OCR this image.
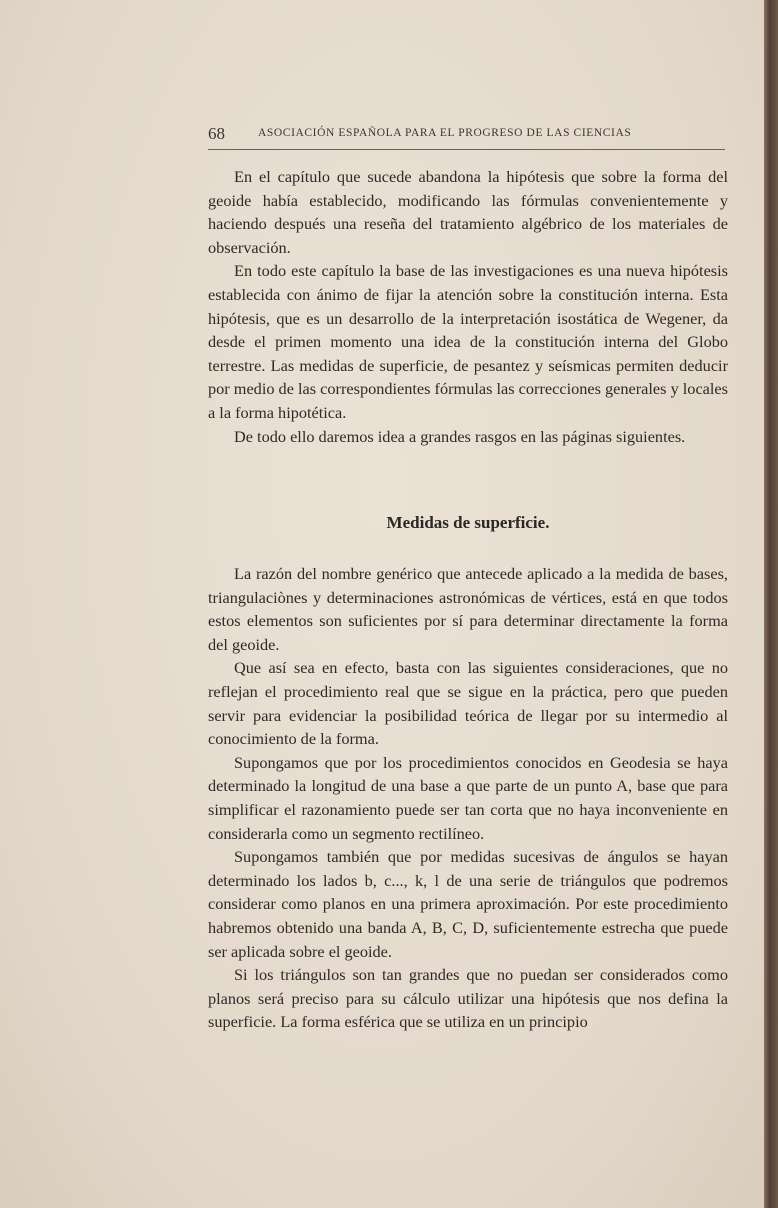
68	ASOCIACIÓN ESPAÑOLA PARA EL PROGRESO DE LAS CIENCIAS

En el capítulo que sucede abandona la hipótesis que sobre la forma del geoide había establecido, modificando las fórmulas convenientemente y haciendo después una reseña del tratamiento algébrico de los materiales de observación.

En todo este capítulo la base de las investigaciones es una nueva hipótesis establecida con ánimo de fijar la atención sobre la constitución interna. Esta hipótesis, que es un desarrollo de la interpretación isostática de Wegener, da desde el primen momento una idea de la constitución interna del Globo terrestre. Las medidas de superficie, de pesantez y seísmicas permiten deducir por medio de las correspondientes fórmulas las correcciones generales y locales a la forma hipotética.

De todo ello daremos idea a grandes rasgos en las páginas siguientes.

Medidas de superficie.

La razón del nombre genérico que antecede aplicado a la medida de bases, triangulaciònes y determinaciones astronómicas de vértices, está en que todos estos elementos son suficientes por sí para determinar directamente la forma del geoide.

Que así sea en efecto, basta con las siguientes consideraciones, que no reflejan el procedimiento real que se sigue en la práctica, pero que pueden servir para evidenciar la posibilidad teórica de llegar por su intermedio al conocimiento de la forma.

Supongamos que por los procedimientos conocidos en Geodesia se haya determinado la longitud de una base a que parte de un punto A, base que para simplificar el razonamiento puede ser tan corta que no haya inconveniente en considerarla como un segmento rectilíneo.

Supongamos también que por medidas sucesivas de ángulos se hayan determinado los lados b, c..., k, l de una serie de triángulos que podremos considerar como planos en una primera aproximación. Por este procedimiento habremos obtenido una banda A, B, C, D, suficientemente estrecha que puede ser aplicada sobre el geoide.

Si los triángulos son tan grandes que no puedan ser considerados como planos será preciso para su cálculo utilizar una hipótesis que nos defina la superficie. La forma esférica que se utiliza en un principio
